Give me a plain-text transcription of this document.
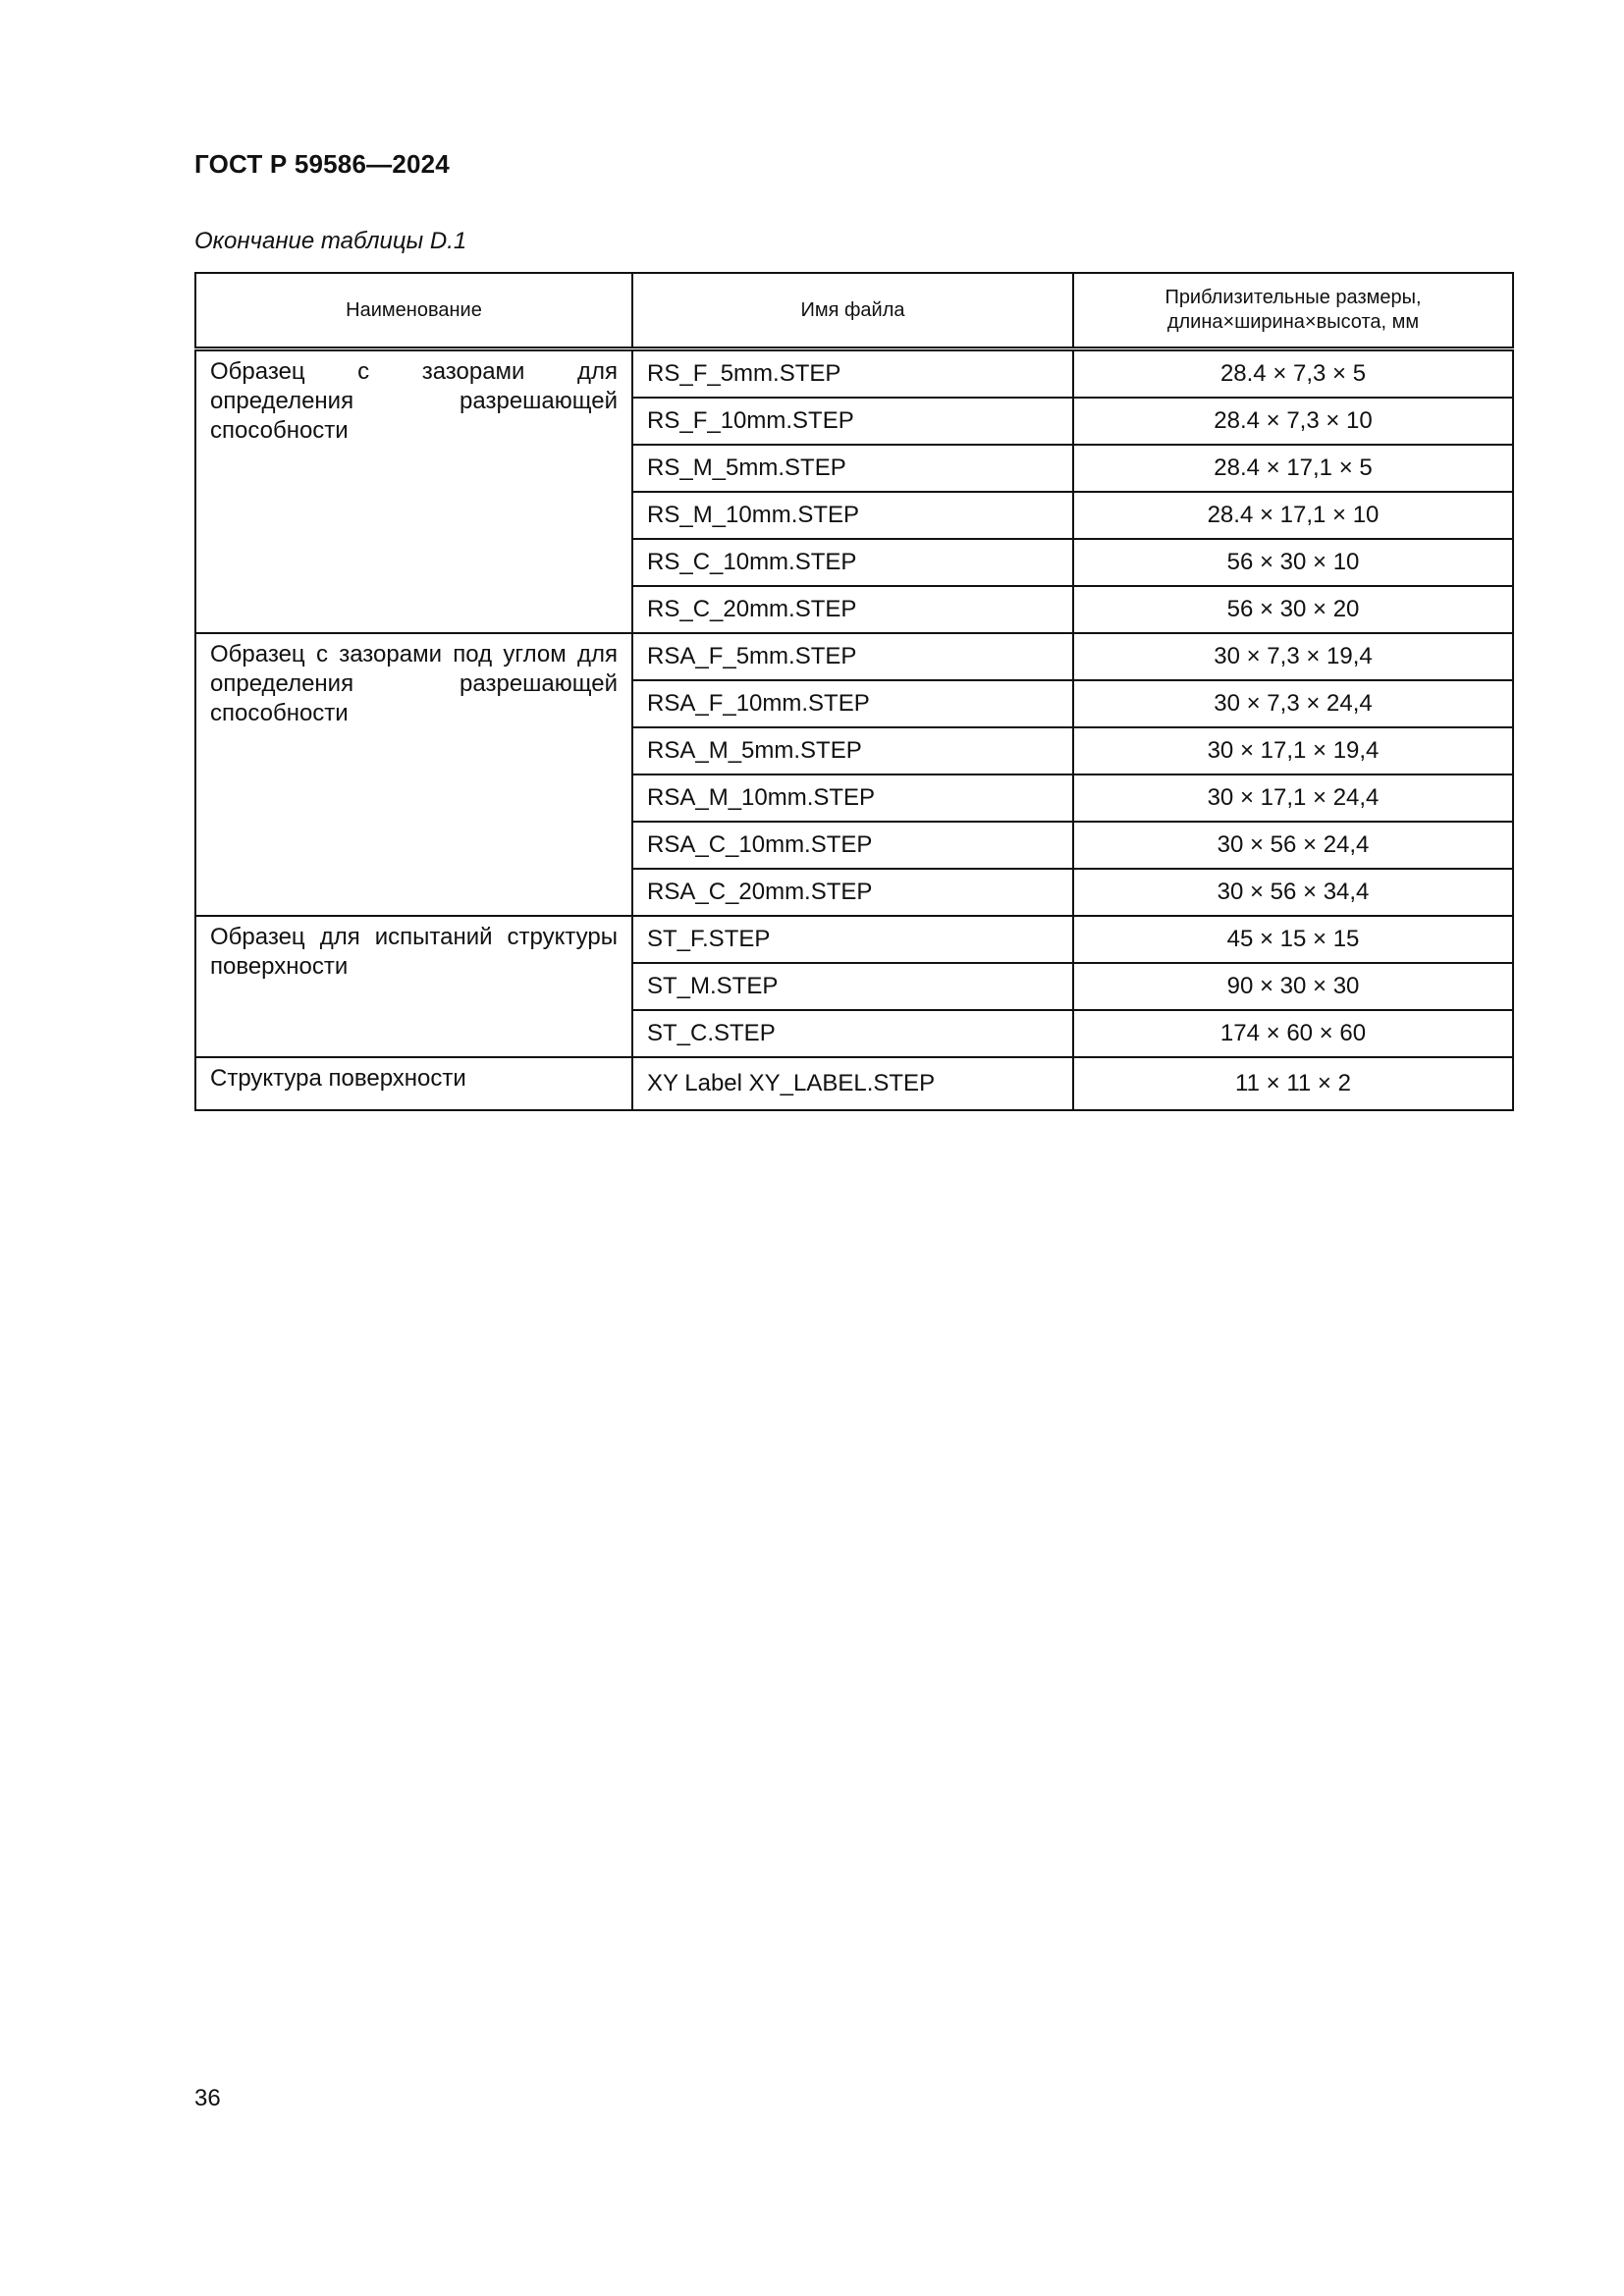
ГОСТ Р 59586—2024
Окончание таблицы D.1
Наименование	Имя файла	Приблизительные размеры, длина×ширина×высота, мм
Образец с зазорами для определения разрешающей способности	RS_F_5mm.STEP	28.4 × 7,3 × 5
	RS_F_10mm.STEP	28.4 × 7,3 × 10
	RS_M_5mm.STEP	28.4 × 17,1 × 5
	RS_M_10mm.STEP	28.4 × 17,1 × 10
	RS_C_10mm.STEP	56 × 30 × 10
	RS_C_20mm.STEP	56 × 30 × 20
Образец с зазорами под углом для определения разрешающей способности	RSA_F_5mm.STEP	30 × 7,3 × 19,4
	RSA_F_10mm.STEP	30 × 7,3 × 24,4
	RSA_M_5mm.STEP	30 × 17,1 × 19,4
	RSA_M_10mm.STEP	30 × 17,1 × 24,4
	RSA_C_10mm.STEP	30 × 56 × 24,4
	RSA_C_20mm.STEP	30 × 56 × 34,4
Образец для испытаний структуры поверхности	ST_F.STEP	45 × 15 × 15
	ST_M.STEP	90 × 30 × 30
	ST_C.STEP	174 × 60 × 60
Структура поверхности	XY Label XY_LABEL.STEP	11 × 11 × 2
36
